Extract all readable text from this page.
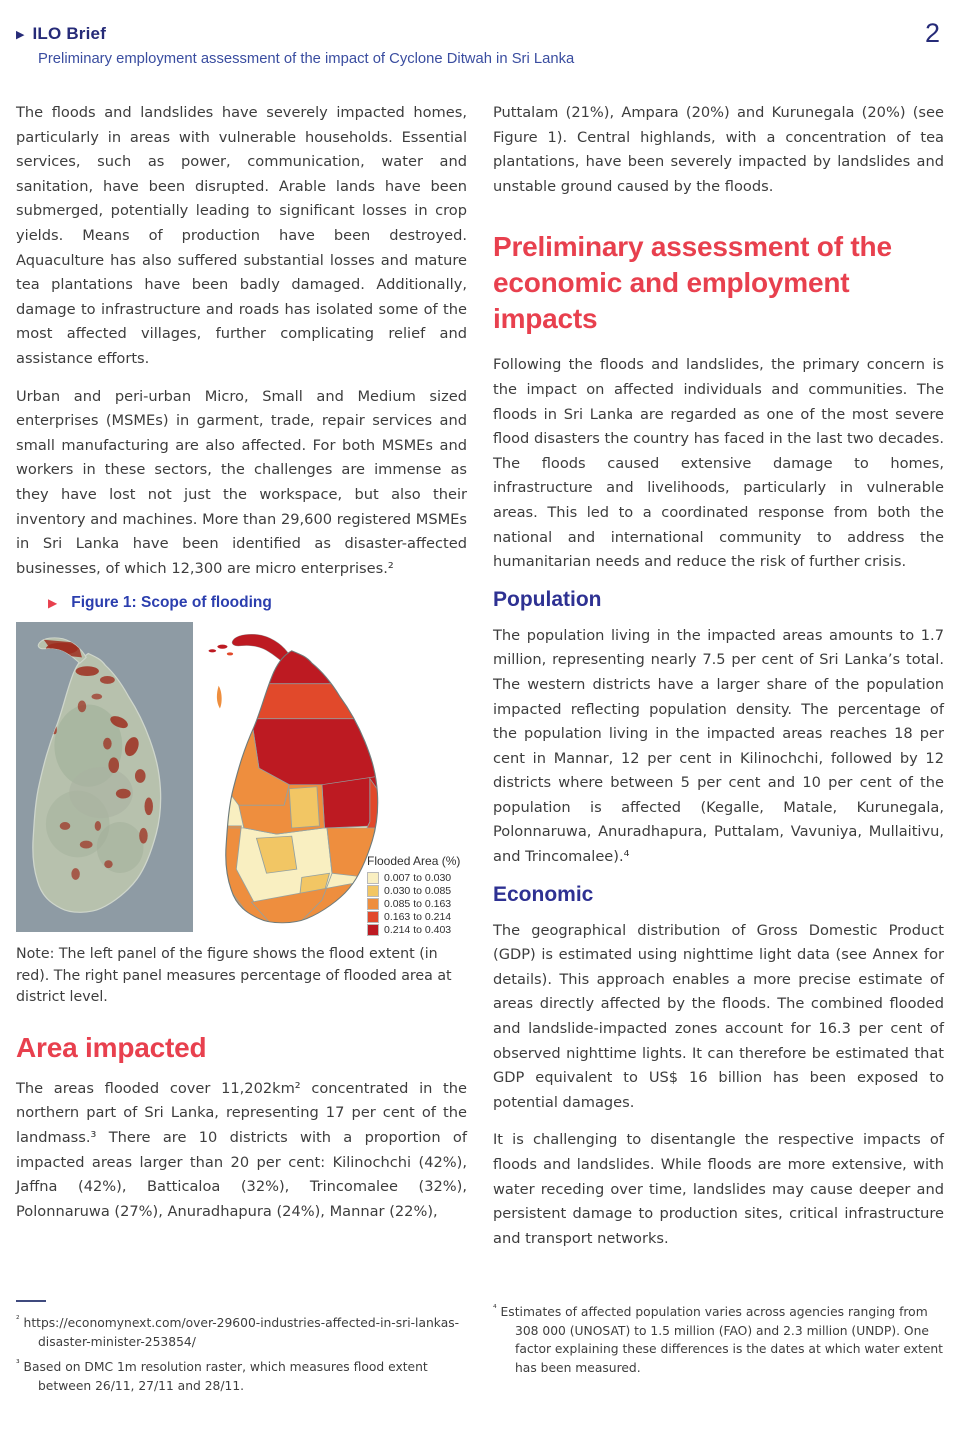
▶ ILO Brief
Preliminary employment assessment of the impact of Cyclone Ditwah in Sri Lanka
2

The floods and landslides have severely impacted homes, particularly in areas with vulnerable households. Essential services, such as power, communication, water and sanitation, have been disrupted. Arable lands have been submerged, potentially leading to significant losses in crop yields. Means of production have been destroyed. Aquaculture has also suffered substantial losses and mature tea plantations have been badly damaged. Additionally, damage to infrastructure and roads has isolated some of the most affected villages, further complicating relief and assistance efforts.

Urban and peri-urban Micro, Small and Medium sized enterprises (MSMEs) in garment, trade, repair services and small manufacturing are also affected. For both MSMEs and workers in these sectors, the challenges are immense as they have lost not just the workspace, but also their inventory and machines. More than 29,600 registered MSMEs in Sri Lanka have been identified as disaster-affected businesses, of which 12,300 are micro enterprises.²

▶ Figure 1: Scope of flooding
Flooded Area (%)
0.007 to 0.030
0.030 to 0.085
0.085 to 0.163
0.163 to 0.214
0.214 to 0.403

Note: The left panel of the figure shows the flood extent (in red). The right panel measures percentage of flooded area at district level.

Area impacted

The areas flooded cover 11,202km² concentrated in the northern part of Sri Lanka, representing 17 per cent of the landmass.³ There are 10 districts with a proportion of impacted areas larger than 20 per cent: Kilinochchi (42%), Jaffna (42%), Batticaloa (32%), Trincomalee (32%), Polonnaruwa (27%), Anuradhapura (24%), Mannar (22%),

Puttalam (21%), Ampara (20%) and Kurunegala (20%) (see Figure 1). Central highlands, with a concentration of tea plantations, have been severely impacted by landslides and unstable ground caused by the floods.

Preliminary assessment of the economic and employment impacts

Following the floods and landslides, the primary concern is the impact on affected individuals and communities. The floods in Sri Lanka are regarded as one of the most severe flood disasters the country has faced in the last two decades. The floods caused extensive damage to homes, infrastructure and livelihoods, particularly in vulnerable areas. This led to a coordinated response from both the national and international community to address the humanitarian needs and reduce the risk of further crisis.

Population

The population living in the impacted areas amounts to 1.7 million, representing nearly 7.5 per cent of Sri Lanka’s total. The western districts have a larger share of the population impacted reflecting population density. The percentage of the population living in the impacted areas reaches 18 per cent in Mannar, 12 per cent in Kilinochchi, followed by 12 districts where between 5 per cent and 10 per cent of the population is affected (Kegalle, Matale, Kurunegala, Polonnaruwa, Anuradhapura, Puttalam, Vavuniya, Mullaitivu, and Trincomalee).⁴

Economic

The geographical distribution of Gross Domestic Product (GDP) is estimated using nighttime light data (see Annex for details). This approach enables a more precise estimate of areas directly affected by the floods. The combined flooded and landslide-impacted zones account for 16.3 per cent of observed nighttime lights. It can therefore be estimated that GDP equivalent to US$ 16 billion has been exposed to potential damages.

It is challenging to disentangle the respective impacts of floods and landslides. While floods are more extensive, with water receding over time, landslides may cause deeper and persistent damage to production sites, critical infrastructure and transport networks.

$^{^2}$ https://economynext.com/over-29600-industries-affected-in-sri-lankas-disaster-minister-253854/
$^{^3}$ Based on DMC 1m resolution raster, which measures flood extent between 26/11, 27/11 and 28/11.
$^{^4}$ Estimates of affected population varies across agencies ranging from 308 000 (UNOSAT) to 1.5 million (FAO) and 2.3 million (UNDP). One factor explaining these differences is the dates at which water extent has been measured.
